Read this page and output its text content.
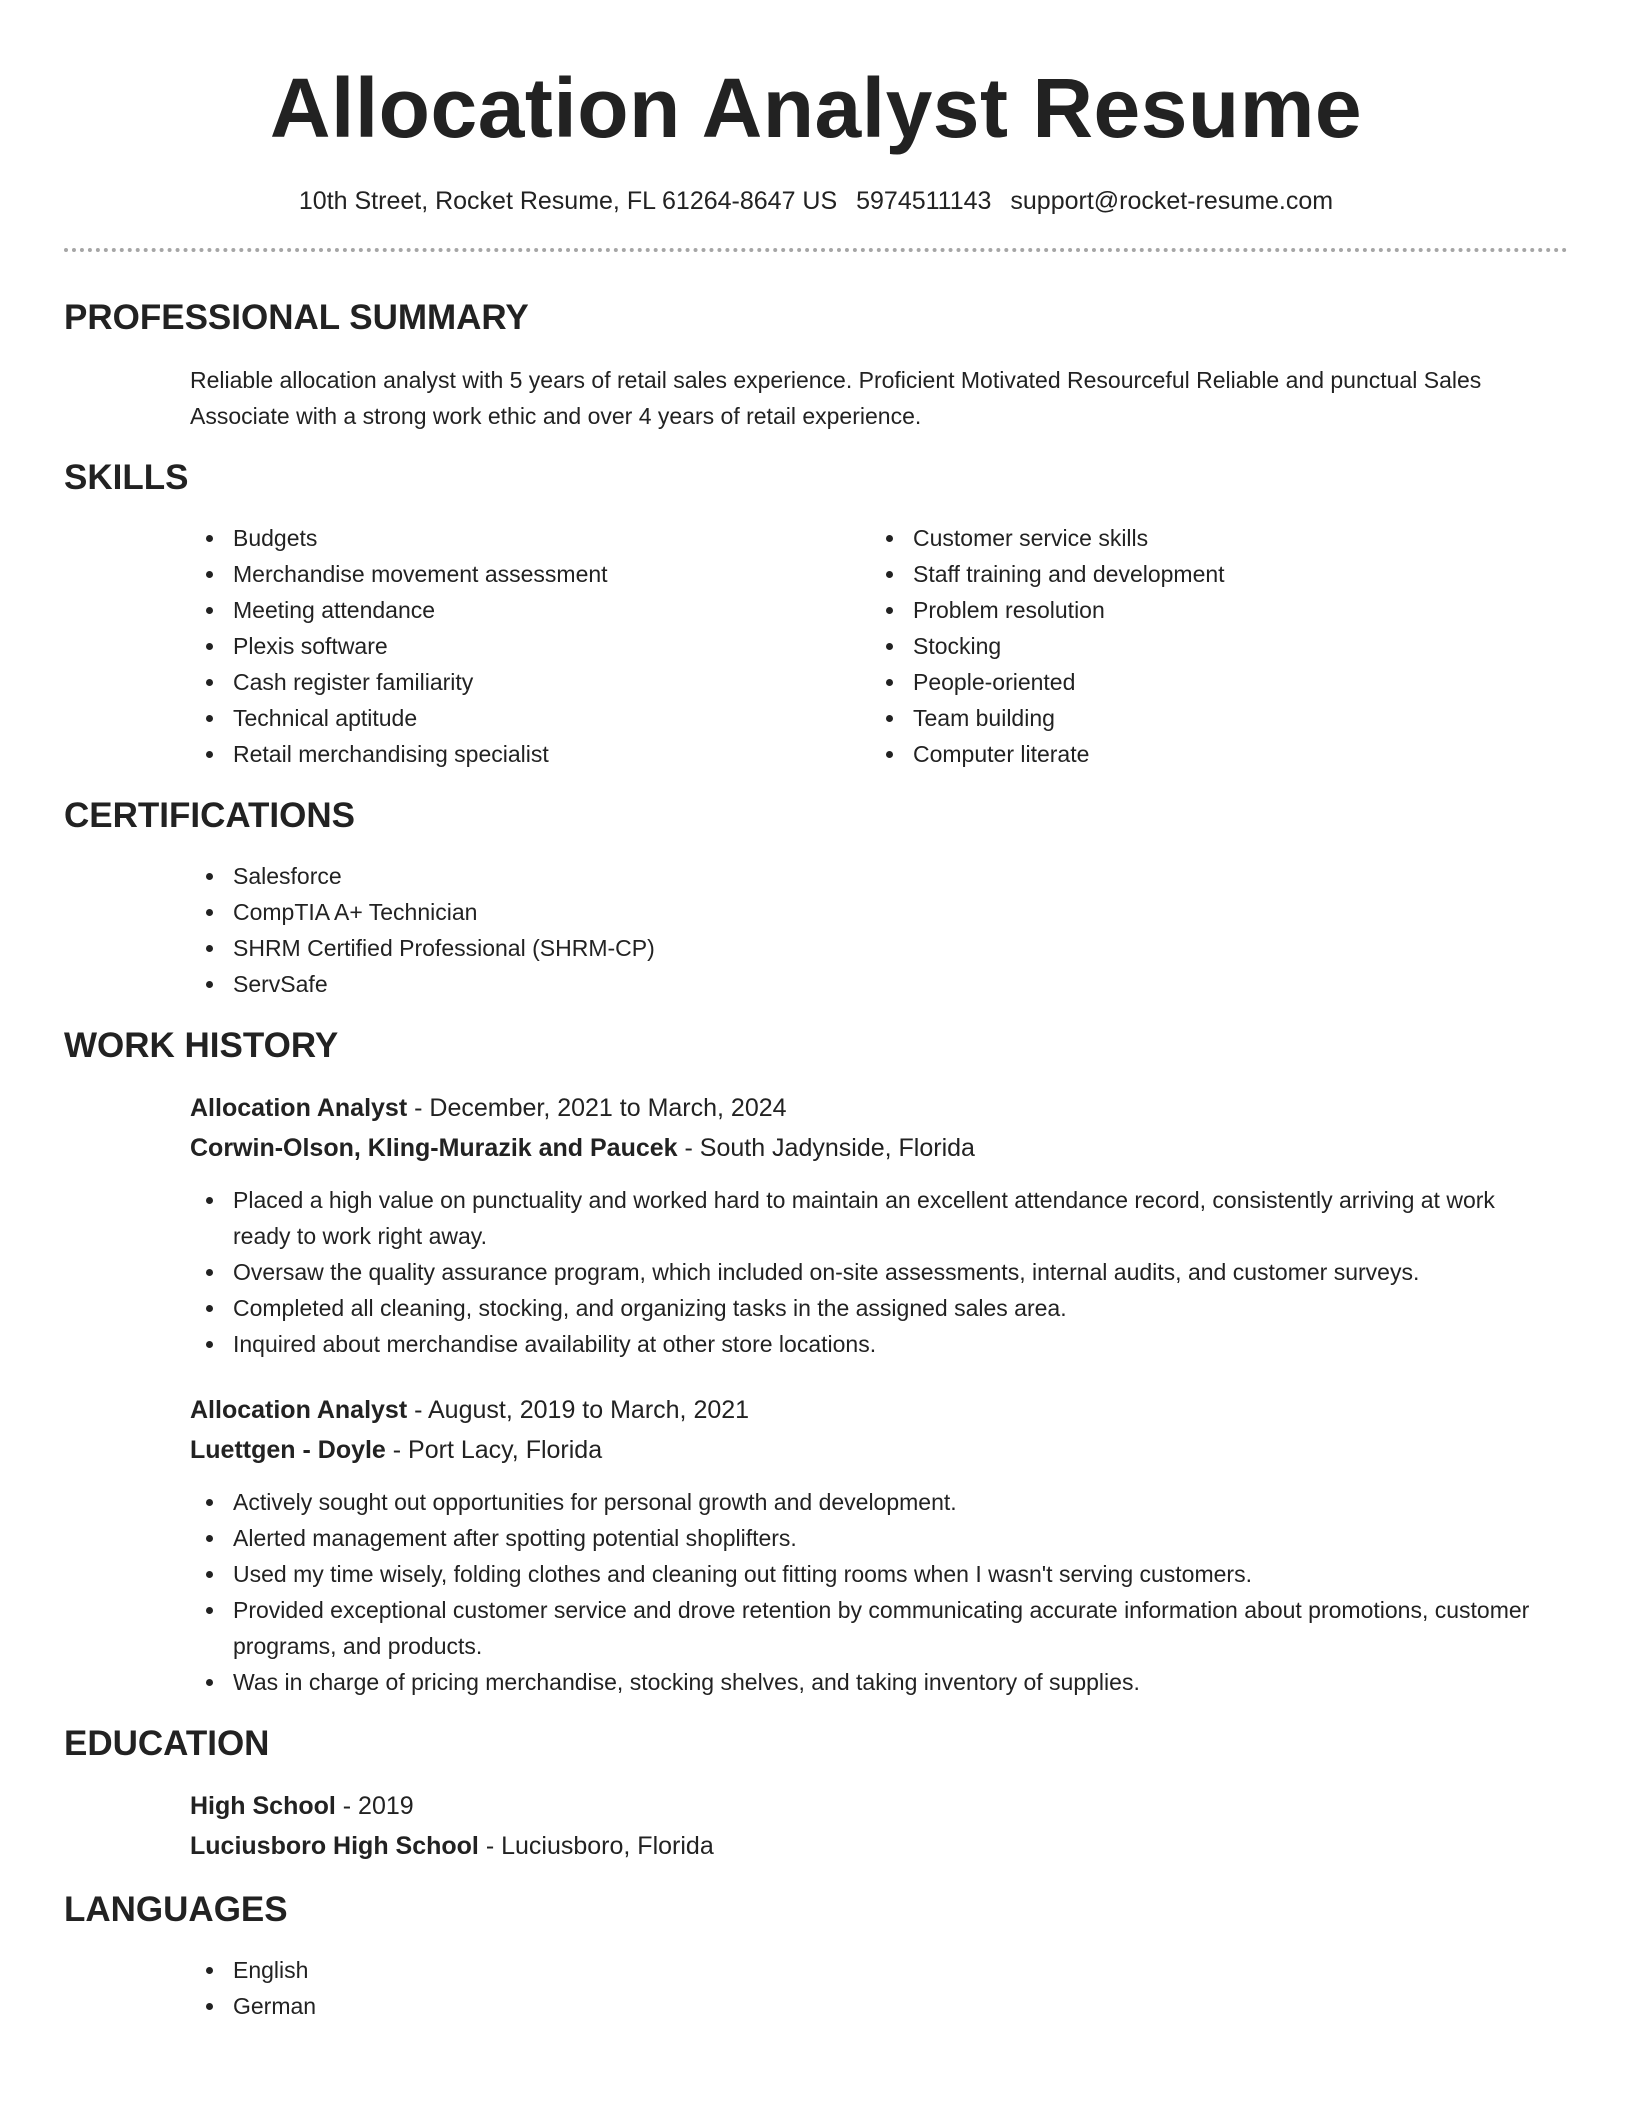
Allocation Analyst Resume
10th Street, Rocket Resume, FL 61264-8647 US 5974511143 support@rocket-resume.com
PROFESSIONAL SUMMARY
Reliable allocation analyst with 5 years of retail sales experience. Proficient Motivated Resourceful Reliable and punctual Sales Associate with a strong work ethic and over 4 years of retail experience.
SKILLS
Budgets
Merchandise movement assessment
Meeting attendance
Plexis software
Cash register familiarity
Technical aptitude
Retail merchandising specialist
Customer service skills
Staff training and development
Problem resolution
Stocking
People-oriented
Team building
Computer literate
CERTIFICATIONS
Salesforce
CompTIA A+ Technician
SHRM Certified Professional (SHRM-CP)
ServSafe
WORK HISTORY
Allocation Analyst - December, 2021 to March, 2024
Corwin-Olson, Kling-Murazik and Paucek - South Jadynside, Florida
Placed a high value on punctuality and worked hard to maintain an excellent attendance record, consistently arriving at work ready to work right away.
Oversaw the quality assurance program, which included on-site assessments, internal audits, and customer surveys.
Completed all cleaning, stocking, and organizing tasks in the assigned sales area.
Inquired about merchandise availability at other store locations.
Allocation Analyst - August, 2019 to March, 2021
Luettgen - Doyle - Port Lacy, Florida
Actively sought out opportunities for personal growth and development.
Alerted management after spotting potential shoplifters.
Used my time wisely, folding clothes and cleaning out fitting rooms when I wasn't serving customers.
Provided exceptional customer service and drove retention by communicating accurate information about promotions, customer programs, and products.
Was in charge of pricing merchandise, stocking shelves, and taking inventory of supplies.
EDUCATION
High School - 2019
Luciusboro High School - Luciusboro, Florida
LANGUAGES
English
German
